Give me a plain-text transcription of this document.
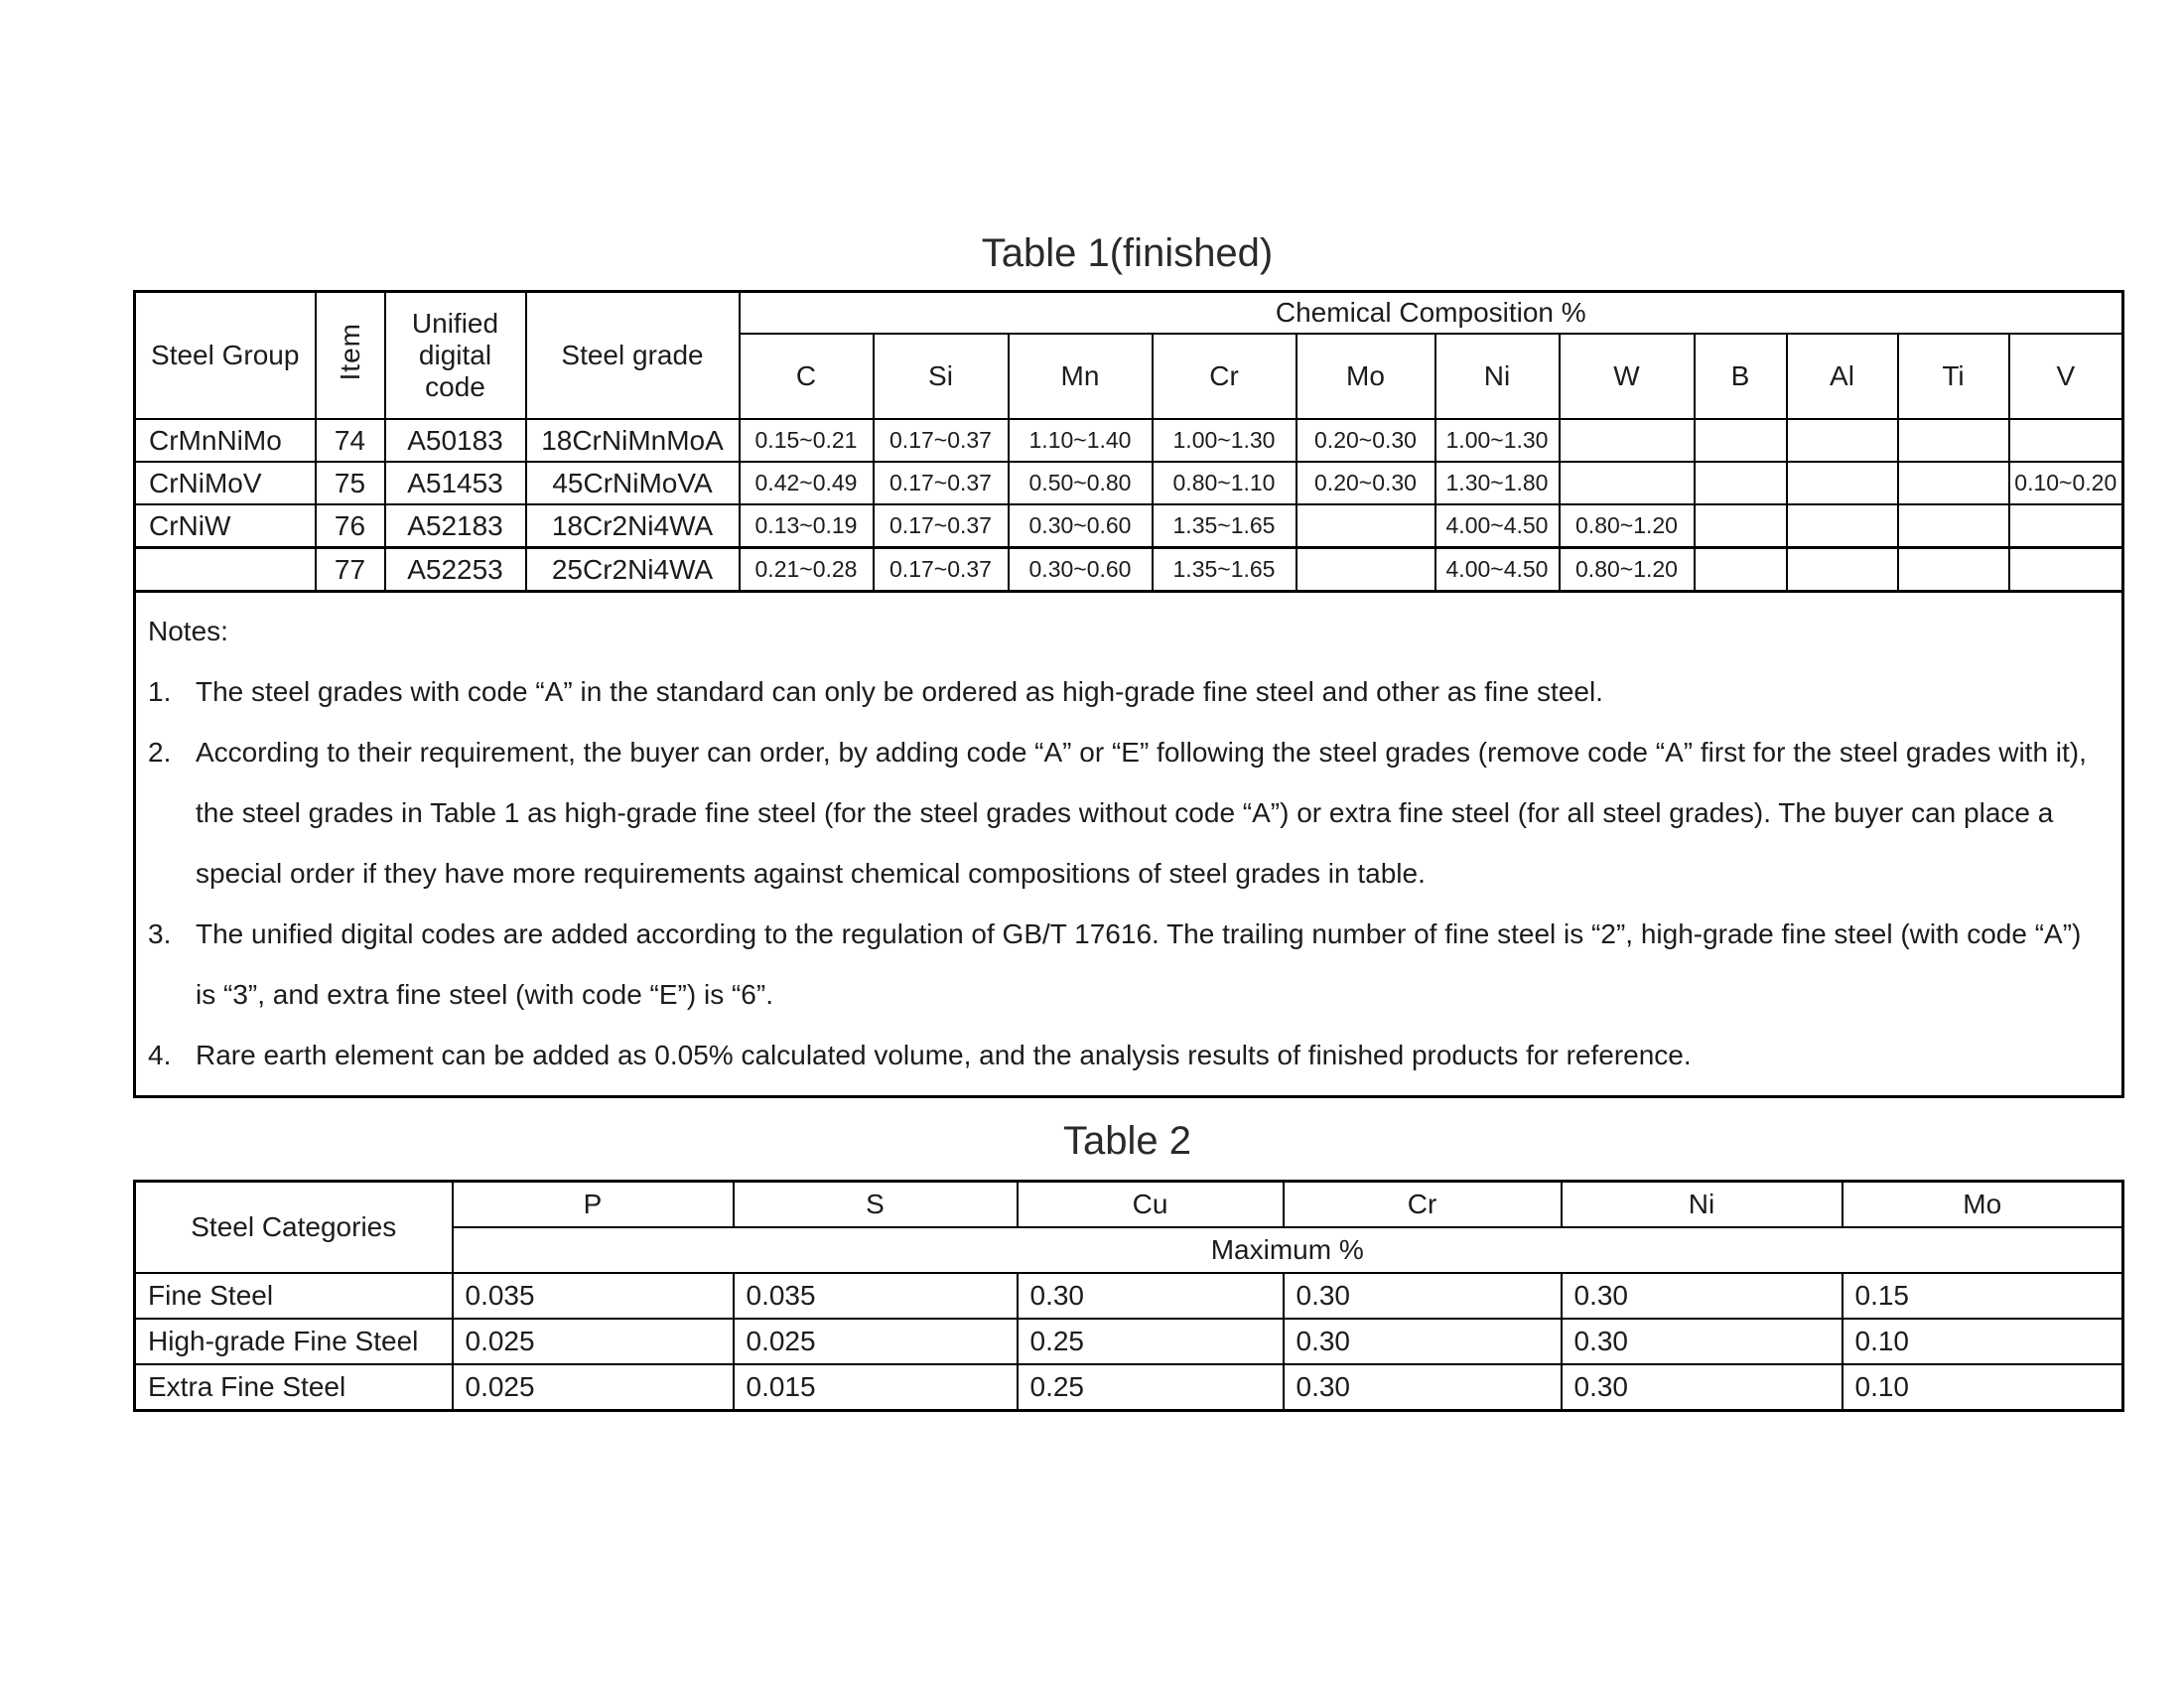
Table 1(finished)
Steel Group	Item	Unified digital code	Steel grade	Chemical Composition %										
				C	Si	Mn	Cr	Mo	Ni	W	B	Al	Ti	V
CrMnNiMo	74	A50183	18CrNiMnMoA	0.15~0.21	0.17~0.37	1.10~1.40	1.00~1.30	0.20~0.30	1.00~1.30					
CrNiMoV	75	A51453	45CrNiMoVA	0.42~0.49	0.17~0.37	0.50~0.80	0.80~1.10	0.20~0.30	1.30~1.80					0.10~0.20
CrNiW	76	A52183	18Cr2Ni4WA	0.13~0.19	0.17~0.37	0.30~0.60	1.35~1.65		4.00~4.50	0.80~1.20				
	77	A52253	25Cr2Ni4WA	0.21~0.28	0.17~0.37	0.30~0.60	1.35~1.65		4.00~4.50	0.80~1.20				

Notes:
1. The steel grades with code “A” in the standard can only be ordered as high-grade fine steel and other as fine steel.
2. According to their requirement, the buyer can order, by adding code “A” or “E” following the steel grades (remove code “A” first for the steel grades with it), the steel grades in Table 1 as high-grade fine steel (for the steel grades without code “A”) or extra fine steel (for all steel grades). The buyer can place a special order if they have more requirements against chemical compositions of steel grades in table.
3. The unified digital codes are added according to the regulation of GB/T 17616. The trailing number of fine steel is “2”, high-grade fine steel (with code “A”) is “3”, and extra fine steel (with code “E”) is “6”.
4. Rare earth element can be added as 0.05% calculated volume, and the analysis results of finished products for reference.
Table 2
Steel Categories	P	S	Cu	Cr	Ni	Mo
	Maximum %					
Fine Steel	0.035	0.035	0.30	0.30	0.30	0.15
High-grade Fine Steel	0.025	0.025	0.25	0.30	0.30	0.10
Extra Fine Steel	0.025	0.015	0.25	0.30	0.30	0.10
